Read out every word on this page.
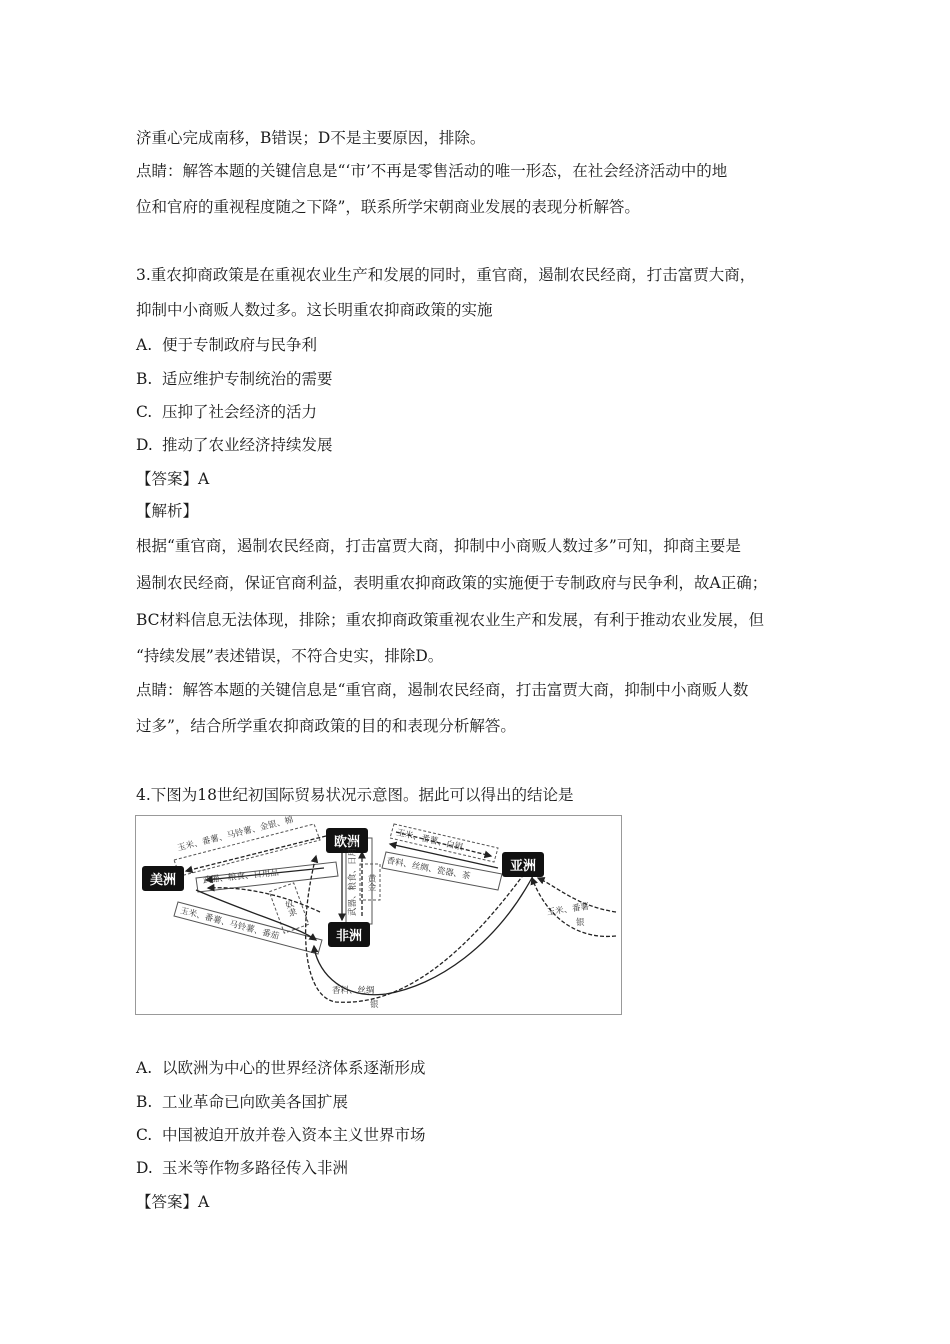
济重心完成南移，B错误；D不是主要原因，排除。
点睛：解答本题的关键信息是“‘市’不再是零售活动的唯一形态，在社会经济活动中的地
位和官府的重视程度随之下降”，联系所学宋朝商业发展的表现分析解答。
3.重农抑商政策是在重视农业生产和发展的同时，重官商，遏制农民经商，打击富贾大商，
抑制中小商贩人数过多。这长明重农抑商政策的实施
A. 便于专制政府与民争利
B. 适应维护专制统治的需要
C. 压抑了社会经济的活力
D. 推动了农业经济持续发展
【答案】A
【解析】
根据“重官商，遏制农民经商，打击富贾大商，抑制中小商贩人数过多”可知，抑商主要是
遏制农民经商，保证官商利益，表明重农抑商政策的实施便于专制政府与民争利，故A正确；
BC材料信息无法体现，排除；重农抑商政策重视农业生产和发展，有利于推动农业发展，但
“持续发展”表述错误，不符合史实，排除D。
点睛：解答本题的关键信息是“重官商，遏制农民经商，打击富贾大商，抑制中小商贩人数
过多”，结合所学重农抑商政策的目的和表现分析解答。
4.下图为18世纪初国际贸易状况示意图。据此可以得出的结论是
欧洲
美洲
亚洲
非洲
玉米、番薯、马铃薯、金银、棉
武器、粮食、日用品
玉米、番薯、白银
香料、丝绸、瓷器、茶
武器、粮食、日用品 黄金
奴隶
玉米、番薯、马铃薯、番茄
香料、丝绸
银
玉米、番薯
银
A. 以欧洲为中心的世界经济体系逐渐形成
B. 工业革命已向欧美各国扩展
C. 中国被迫开放并卷入资本主义世界市场
D. 玉米等作物多路径传入非洲
【答案】A
